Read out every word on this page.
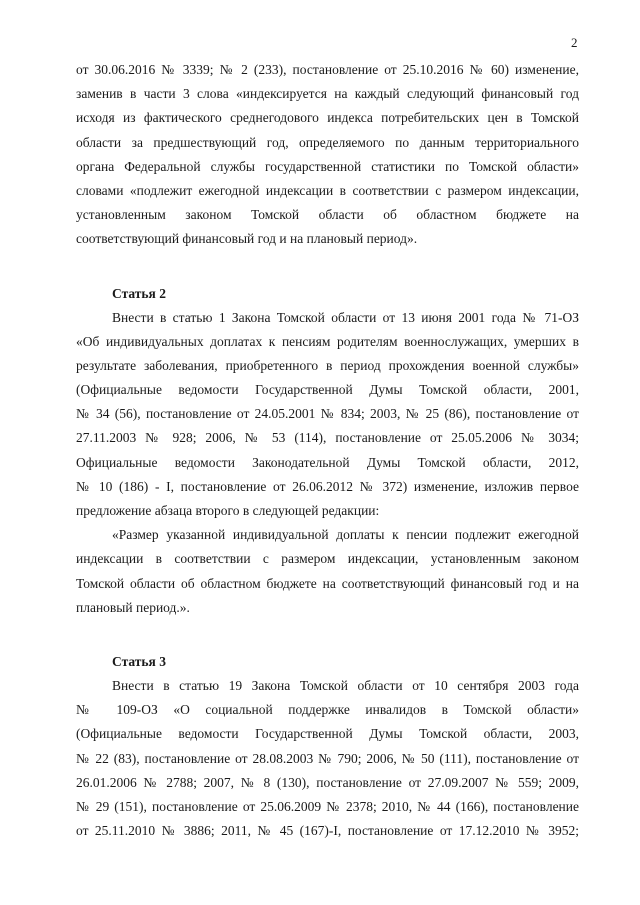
2
от 30.06.2016 № 3339; № 2 (233), постановление от 25.10.2016 № 60) изменение,
заменив в части 3 слова «индексируется на каждый следующий финансовый год
исходя из фактического среднегодового индекса потребительских цен в Томской
области за предшествующий год, определяемого по данным территориального
органа Федеральной службы государственной статистики по Томской области»
словами «подлежит ежегодной индексации в соответствии с размером индексации,
установленным законом Томской области об областном бюджете на
соответствующий финансовый год и на плановый период».
Статья 2
Внести в статью 1 Закона Томской области от 13 июня 2001 года № 71-ОЗ
«Об индивидуальных доплатах к пенсиям родителям военнослужащих, умерших в
результате заболевания, приобретенного в период прохождения военной службы»
(Официальные ведомости Государственной Думы Томской области, 2001,
№ 34 (56), постановление от 24.05.2001 № 834; 2003, № 25 (86), постановление от
27.11.2003 № 928; 2006, № 53 (114), постановление от 25.05.2006 № 3034;
Официальные ведомости Законодательной Думы Томской области, 2012,
№ 10 (186) - I, постановление от 26.06.2012 № 372) изменение, изложив первое
предложение абзаца второго в следующей редакции:
«Размер указанной индивидуальной доплаты к пенсии подлежит ежегодной
индексации в соответствии с размером индексации, установленным законом
Томской области об областном бюджете на соответствующий финансовый год и на
плановый период.».
Статья 3
Внести в статью 19 Закона Томской области от 10 сентября 2003 года
№ 109-ОЗ «О социальной поддержке инвалидов в Томской области»
(Официальные ведомости Государственной Думы Томской области, 2003,
№ 22 (83), постановление от 28.08.2003 № 790; 2006, № 50 (111), постановление от
26.01.2006 № 2788; 2007, № 8 (130), постановление от 27.09.2007 № 559; 2009,
№ 29 (151), постановление от 25.06.2009 № 2378; 2010, № 44 (166), постановление
от 25.11.2010 № 3886; 2011, № 45 (167)-I, постановление от 17.12.2010 № 3952;
